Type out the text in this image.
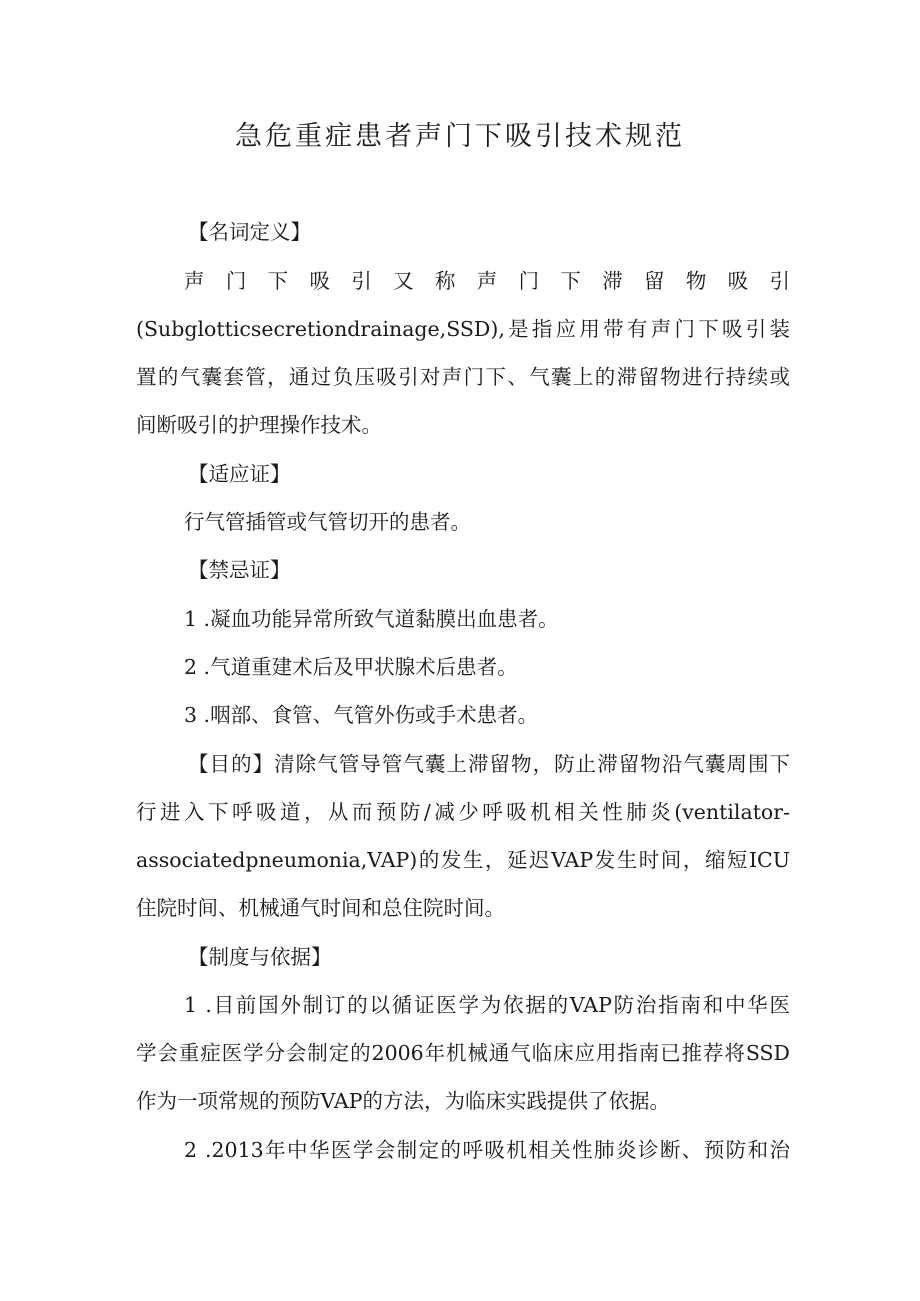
急危重症患者声门下吸引技术规范

【名词定义】

声 门 下 吸 引 又 称 声 门 下 滞 留 物 吸 引

(Subglotticsecretiondrainage,SSD),是指应用带有声门下吸引装

置的气囊套管，通过负压吸引对声门下、气囊上的滞留物进行持续或

间断吸引的护理操作技术。

【适应证】

行气管插管或气管切开的患者。

【禁忌证】

1 .凝血功能异常所致气道黏膜出血患者。

2 .气道重建术后及甲状腺术后患者。

3 .咽部、食管、气管外伤或手术患者。

【目的】清除气管导管气囊上滞留物，防止滞留物沿气囊周围下

行进入下呼吸道，从而预防/减少呼吸机相关性肺炎(ventilator-

associatedpneumonia,VAP)的发生，延迟VAP发生时间，缩短ICU

住院时间、机械通气时间和总住院时间。

【制度与依据】

1 .目前国外制订的以循证医学为依据的VAP防治指南和中华医

学会重症医学分会制定的2006年机械通气临床应用指南已推荐将SSD

作为一项常规的预防VAP的方法，为临床实践提供了依据。

2 .2013年中华医学会制定的呼吸机相关性肺炎诊断、预防和治
